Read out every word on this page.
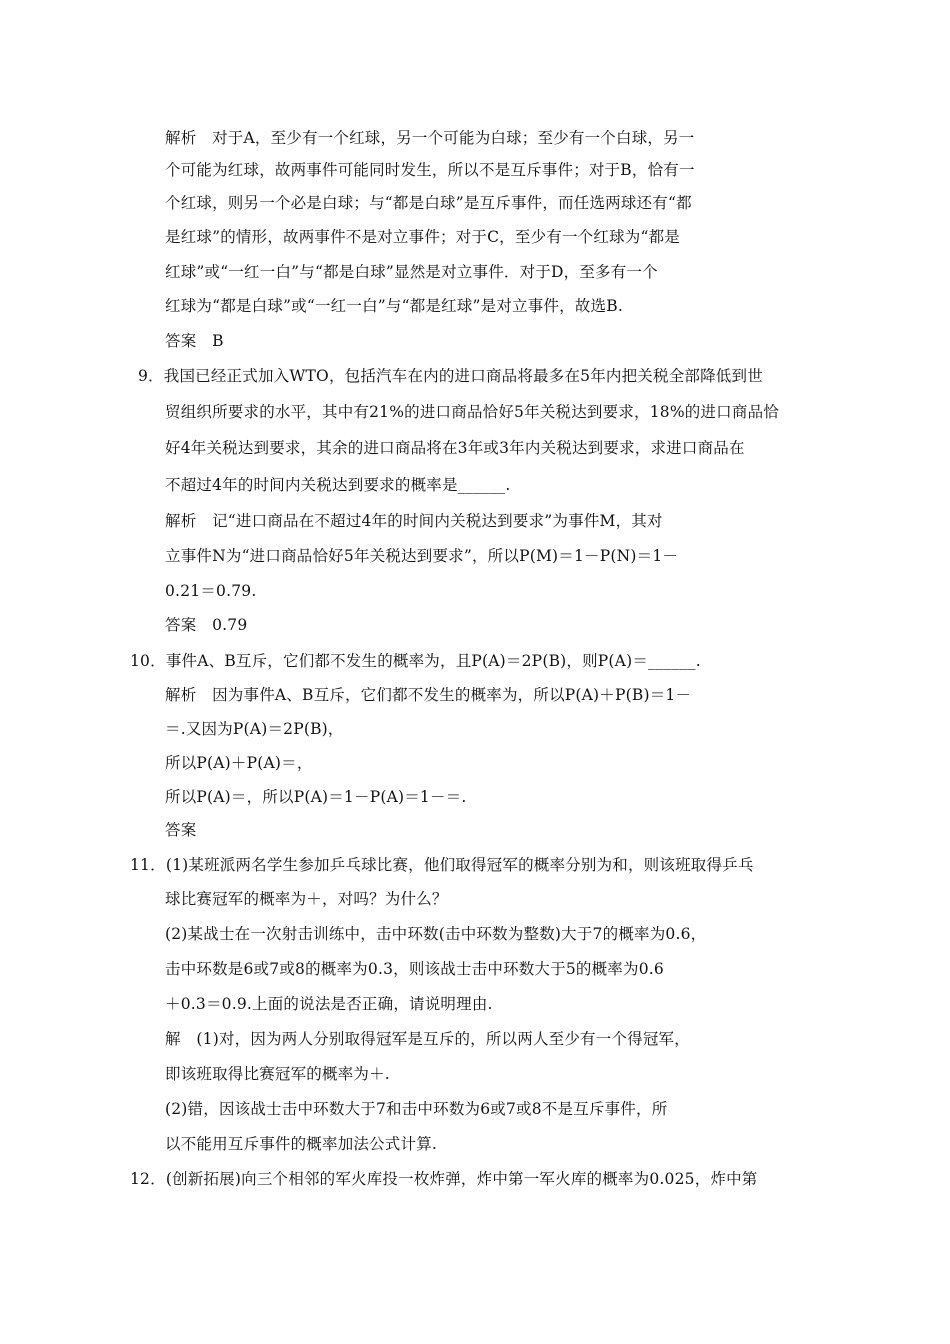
解析　对于A，至少有一个红球，另一个可能为白球；至少有一个白球，另一
个可能为红球，故两事件可能同时发生，所以不是互斥事件；对于B，恰有一
个红球，则另一个必是白球；与“都是白球”是互斥事件，而任选两球还有“都
是红球”的情形，故两事件不是对立事件；对于C，至少有一个红球为“都是
红球”或“一红一白”与“都是白球”显然是对立事件．对于D，至多有一个
红球为“都是白球”或“一红一白”与“都是红球”是对立事件，故选B.
答案　B
9．我国已经正式加入WTO，包括汽车在内的进口商品将最多在5年内把关税全部降低到世
贸组织所要求的水平，其中有21%的进口商品恰好5年关税达到要求，18%的进口商品恰
好4年关税达到要求，其余的进口商品将在3年或3年内关税达到要求，求进口商品在
不超过4年的时间内关税达到要求的概率是______.
解析　记“进口商品在不超过4年的时间内关税达到要求”为事件M，其对
立事件N为“进口商品恰好5年关税达到要求”，所以P(M)＝1－P(N)＝1－
0.21＝0.79.
答案　0.79
10．事件A、B互斥，它们都不发生的概率为，且P(A)＝2P(B)，则P(A)＝______.
解析　因为事件A、B互斥，它们都不发生的概率为，所以P(A)＋P(B)＝1－
＝.又因为P(A)＝2P(B)，
所以P(A)＋P(A)＝，
所以P(A)＝，所以P(A)＝1－P(A)＝1－＝.
答案
11．(1)某班派两名学生参加乒乓球比赛，他们取得冠军的概率分别为和，则该班取得乒乓
球比赛冠军的概率为＋，对吗？为什么？
(2)某战士在一次射击训练中，击中环数(击中环数为整数)大于7的概率为0.6，
击中环数是6或7或8的概率为0.3，则该战士击中环数大于5的概率为0.6
＋0.3＝0.9.上面的说法是否正确，请说明理由.
解　(1)对，因为两人分别取得冠军是互斥的，所以两人至少有一个得冠军，
即该班取得比赛冠军的概率为＋.
(2)错，因该战士击中环数大于7和击中环数为6或7或8不是互斥事件，所
以不能用互斥事件的概率加法公式计算.
12．(创新拓展)向三个相邻的军火库投一枚炸弹，炸中第一军火库的概率为0.025，炸中第
